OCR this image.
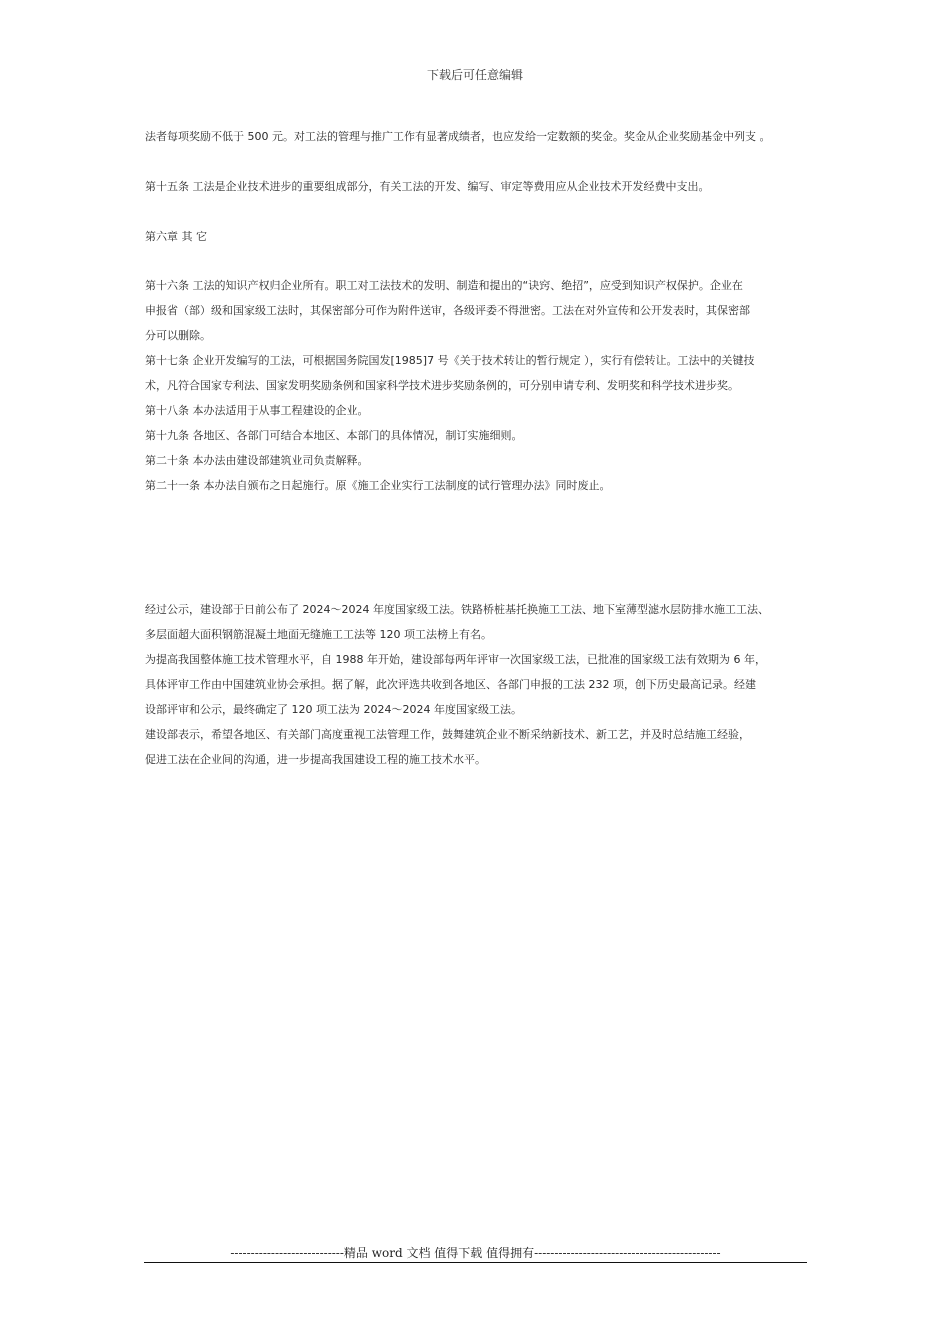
下载后可任意编辑

法者每项奖励不低于 500 元。对工法的管理与推广工作有显著成绩者，也应发给一定数额的奖金。奖金从企业奖励基金中列支 。

第十五条 工法是企业技术进步的重要组成部分，有关工法的开发、编写、审定等费用应从企业技术开发经费中支出。

第六章 其 它

第十六条 工法的知识产权归企业所有。职工对工法技术的发明、制造和提出的“诀窍、绝招”，应受到知识产权保护。企业在

申报省（部）级和国家级工法时，其保密部分可作为附件送审，各级评委不得泄密。工法在对外宣传和公开发表时，其保密部

分可以删除。

第十七条 企业开发编写的工法，可根据国务院国发[1985]7 号《关于技术转让的暂行规定 ），实行有偿转让。工法中的关键技

术，凡符合国家专利法、国家发明奖励条例和国家科学技术进步奖励条例的，可分别申请专利、发明奖和科学技术进步奖。

第十八条 本办法适用于从事工程建设的企业。

第十九条 各地区、各部门可结合本地区、本部门的具体情况，制订实施细则。

第二十条 本办法由建设部建筑业司负责解释。

第二十一条 本办法自颁布之日起施行。原《施工企业实行工法制度的试行管理办法》同时废止。

经过公示，建设部于日前公布了 2024～2024 年度国家级工法。铁路桥桩基托换施工工法、地下室薄型滤水层防排水施工工法、

多层面超大面积钢筋混凝土地面无缝施工工法等 120 项工法榜上有名。

为提高我国整体施工技术管理水平，自 1988 年开始，建设部每两年评审一次国家级工法，已批准的国家级工法有效期为 6 年，

具体评审工作由中国建筑业协会承担。据了解，此次评选共收到各地区、各部门申报的工法 232 项，创下历史最高记录。经建

设部评审和公示，最终确定了 120 项工法为 2024～2024 年度国家级工法。

建设部表示，希望各地区、有关部门高度重视工法管理工作，鼓舞建筑企业不断采纳新技术、新工艺，并及时总结施工经验，

促进工法在企业间的沟通，进一步提高我国建设工程的施工技术水平。

----------------------------精品 word 文档 值得下载 值得拥有----------------------------------------------
